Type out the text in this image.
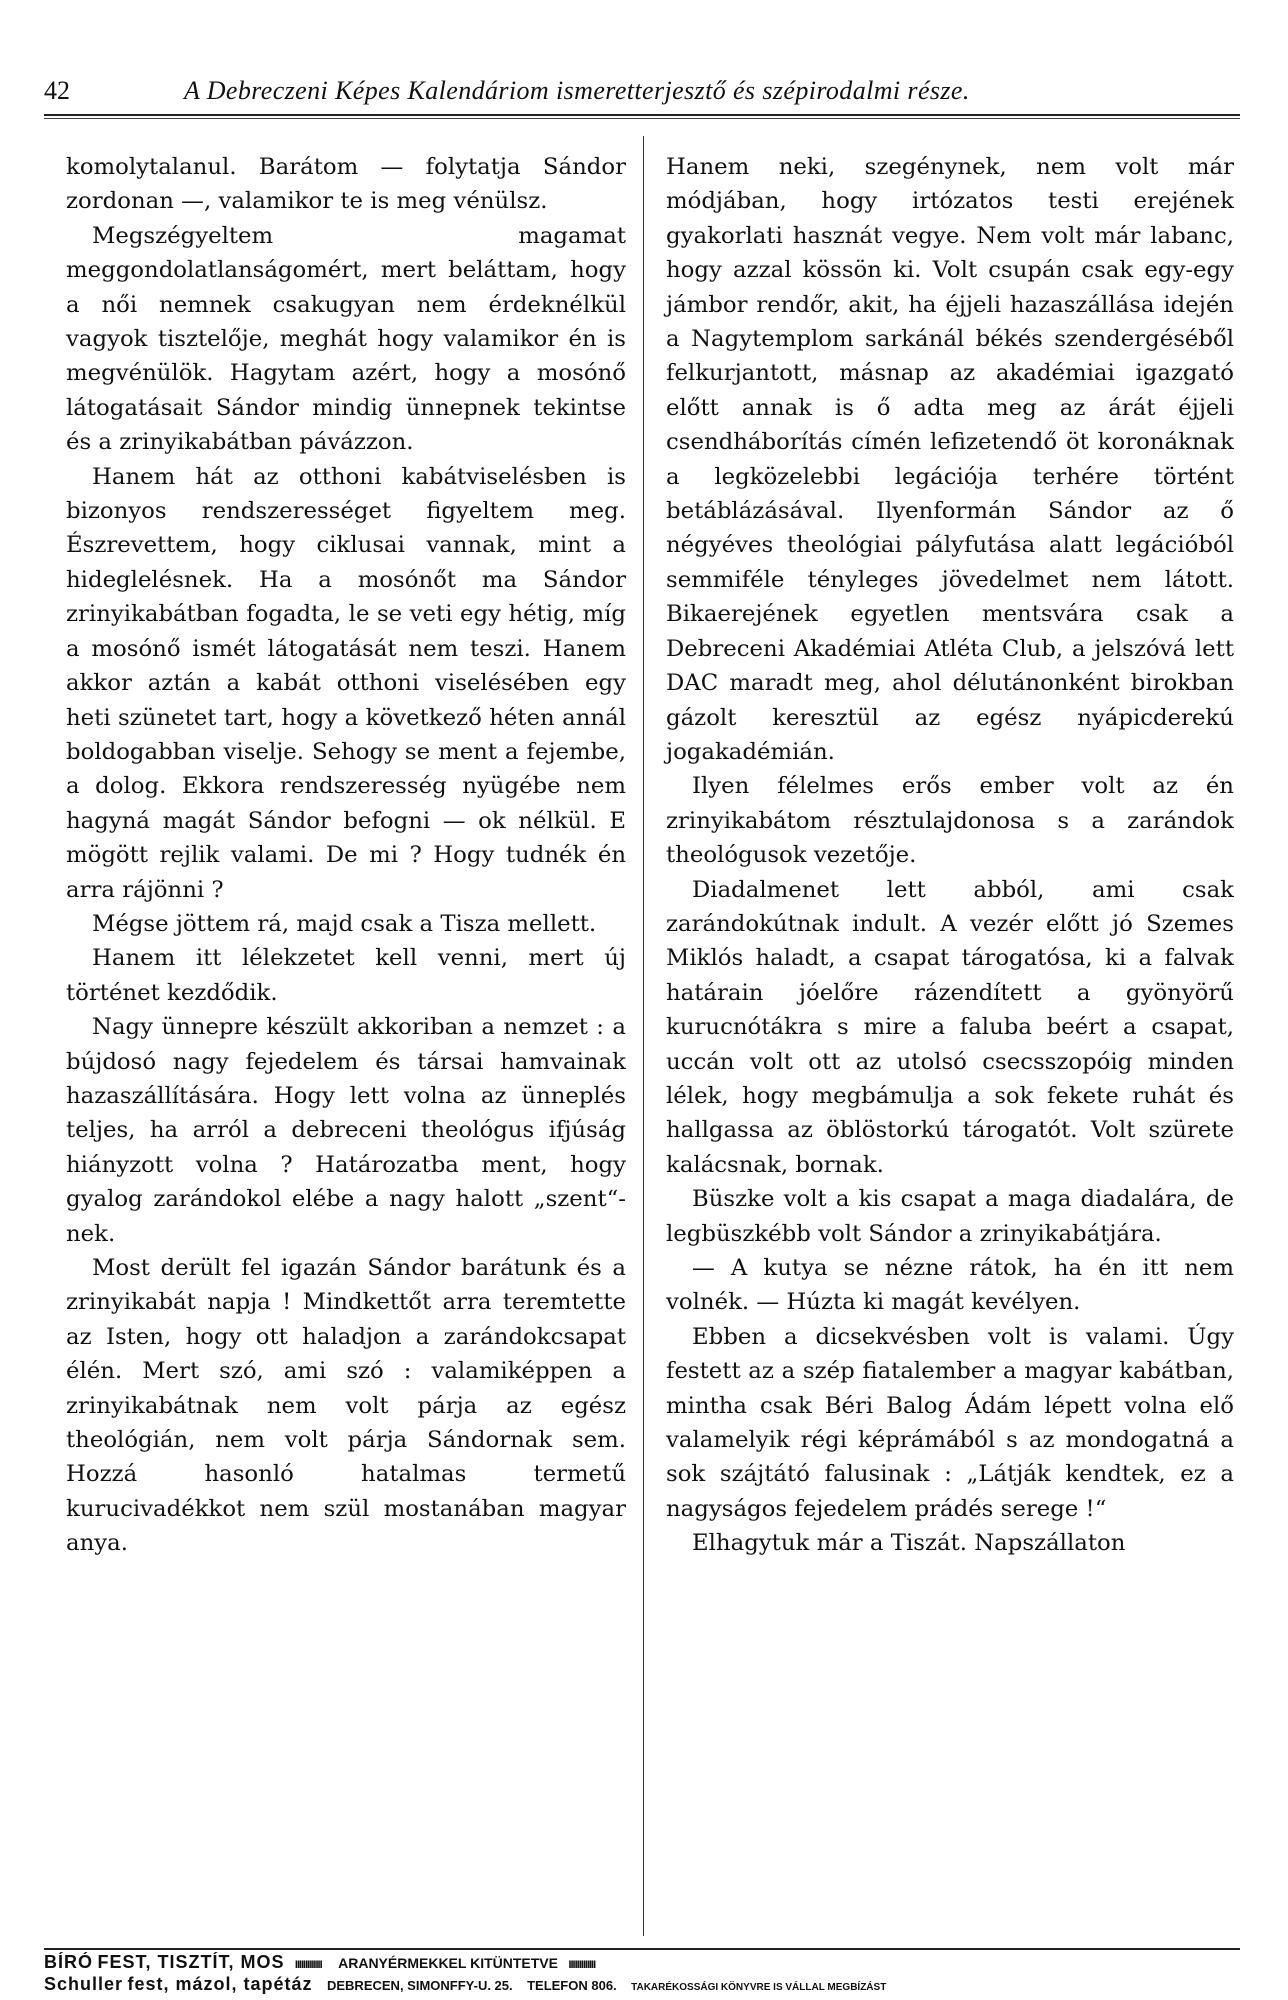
42	A Debreczeni Képes Kalendáriom ismeretterjesztő és szépirodalmi része.

komolytalanul. Barátom — folytatja Sándor zordonan —, valamikor te is meg vénülsz.

Megszégyeltem magamat meggondolatlanságomért, mert beláttam, hogy a női nemnek csakugyan nem érdeknélkül vagyok tisztelője, meghát hogy valamikor én is megvénülök. Hagytam azért, hogy a mosónő látogatásait Sándor mindig ünnepnek tekintse és a zrinyikabátban pávázzon.

Hanem hát az otthoni kabátviselésben is bizonyos rendszerességet figyeltem meg. Észrevettem, hogy ciklusai vannak, mint a hideglelésnek. Ha a mosónőt ma Sándor zrinyikabátban fogadta, le se veti egy hétig, míg a mosónő ismét látogatását nem teszi. Hanem akkor aztán a kabát otthoni viselésében egy heti szünetet tart, hogy a következő héten annál boldogabban viselje. Sehogy se ment a fejembe, a dolog. Ekkora rendszeresség nyügébe nem hagyná magát Sándor befogni — ok nélkül. E mögött rejlik valami. De mi ? Hogy tudnék én arra rájönni ?

Mégse jöttem rá, majd csak a Tisza mellett.

Hanem itt lélekzetet kell venni, mert új történet kezdődik.

Nagy ünnepre készült akkoriban a nemzet : a bújdosó nagy fejedelem és társai hamvainak hazaszállítására. Hogy lett volna az ünneplés teljes, ha arról a debreceni theológus ifjúság hiányzott volna ? Határozatba ment, hogy gyalog zarándokol elébe a nagy halott „szent“-nek.

Most derült fel igazán Sándor barátunk és a zrinyikabát napja ! Mindkettőt arra teremtette az Isten, hogy ott haladjon a zarándokcsapat élén. Mert szó, ami szó : valamiképpen a zrinyikabátnak nem volt párja az egész theológián, nem volt párja Sándornak sem. Hozzá hasonló hatalmas termetű kurucivadékkot nem szül mostanában magyar anya.

Hanem neki, szegénynek, nem volt már módjában, hogy irtózatos testi erejének gyakorlati hasznát vegye. Nem volt már labanc, hogy azzal kössön ki. Volt csupán csak egy-egy jámbor rendőr, akit, ha éjjeli hazaszállása idején a Nagytemplom sarkánál békés szendergéséből felkurjantott, másnap az akadémiai igazgató előtt annak is ő adta meg az árát éjjeli csendháborítás címén lefizetendő öt koronáknak a legközelebbi legációja terhére történt betáblázásával. Ilyenformán Sándor az ő négyéves theológiai pályfutása alatt legációból semmiféle tényleges jövedelmet nem látott. Bikaerejének egyetlen mentsvára csak a Debreceni Akadémiai Atléta Club, a jelszóvá lett DAC maradt meg, ahol délutánonként birokban gázolt keresztül az egész nyápicderekú jogakadémián.

Ilyen félelmes erős ember volt az én zrinyikabátom résztulajdonosa s a zarándok theológusok vezetője.

Diadalmenet lett abból, ami csak zarándokútnak indult. A vezér előtt jó Szemes Miklós haladt, a csapat tárogatósa, ki a falvak határain jóelőre rázendített a gyönyörű kurucnótákra s mire a faluba beért a csapat, uccán volt ott az utolsó csecsszopóig minden lélek, hogy megbámulja a sok fekete ruhát és hallgassa az öblöstorkú tárogatót. Volt szürete kalácsnak, bornak.

Büszke volt a kis csapat a maga diadalára, de legbüszkébb volt Sándor a zrinyikabátjára.

— A kutya se nézne rátok, ha én itt nem volnék. — Húzta ki magát kevélyen.

Ebben a dicsekvésben volt is valami. Úgy festett az a szép fiatalember a magyar kabátban, mintha csak Béri Balog Ádám lépett volna elő valamelyik régi képrámából s az mondogatná a sok szájtátó falusinak : „Látják kendtek, ez a nagyságos fejedelem prádés serege !“

Elhagytuk már a Tiszát. Napszállaton

BÍRÓ FEST, TISZTÍT, MOS IIIIIIIIIIIII ARANYÉRMEKKEL KITÜNTETVE IIIIIIIIIIIII
Schuller fest, mázol, tapétáz DEBRECEN, SIMONFFY-U. 25. TELEFON 806. TAKARÉKOSSÁGI KÖNYVRE IS VÁLLAL MEGBÍZÁST
